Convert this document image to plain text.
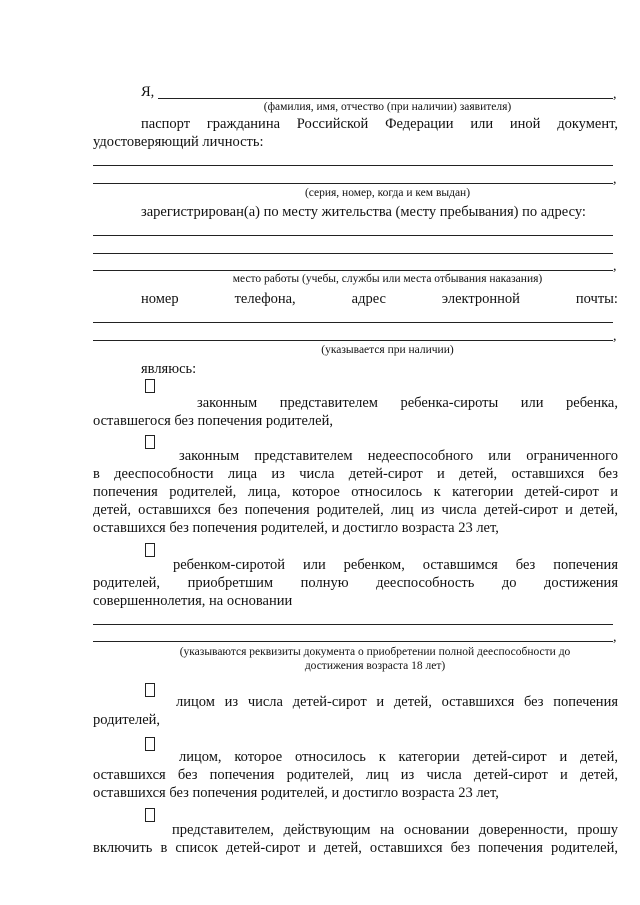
Я,	,
(фамилия, имя, отчество (при наличии) заявителя)
паспорт гражданина Российской Федерации или иной документ,
удостоверяющий личность:
,
(серия, номер, когда и кем выдан)
зарегистрирован(а) по месту жительства (месту пребывания) по адресу:
,
место работы (учебы, службы или места отбывания наказания)
номер	телефона,	адрес	электронной	почты:
,
(указывается при наличии)
являюсь:
законным представителем ребенка-сироты или ребенка,
оставшегося без попечения родителей,
законным представителем недееспособного или ограниченного
в дееспособности лица из числа детей-сирот и детей, оставшихся без
попечения родителей, лица, которое относилось к категории детей-сирот и
детей, оставшихся без попечения родителей, лиц из числа детей-сирот и детей,
оставшихся без попечения родителей, и достигло возраста 23 лет,
ребенком-сиротой или ребенком, оставшимся без попечения
родителей, приобретшим полную дееспособность до достижения
совершеннолетия, на основании
,
(указываются реквизиты документа о приобретении полной дееспособности до
достижения возраста 18 лет)
лицом из числа детей-сирот и детей, оставшихся без попечения
родителей,
лицом, которое относилось к категории детей-сирот и детей,
оставшихся без попечения родителей, лиц из числа детей-сирот и детей,
оставшихся без попечения родителей, и достигло возраста 23 лет,
представителем, действующим на основании доверенности, прошу
включить в список детей-сирот и детей, оставшихся без попечения родителей,
